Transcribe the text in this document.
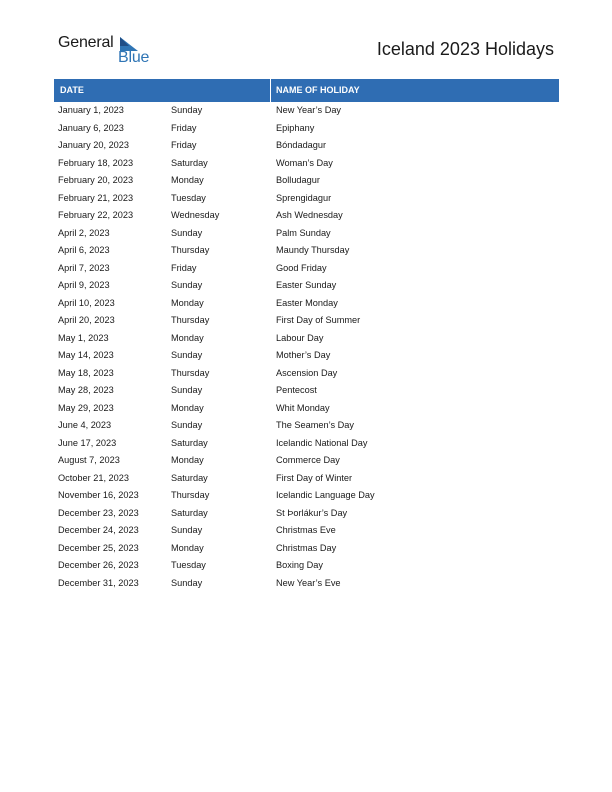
General
Blue	Iceland 2023 Holidays
DATE	NAME OF HOLIDAY
January 1, 2023	Sunday	New Year’s Day
January 6, 2023	Friday	Epiphany
January 20, 2023	Friday	Bóndadagur
February 18, 2023	Saturday	Woman’s Day
February 20, 2023	Monday	Bolludagur
February 21, 2023	Tuesday	Sprengidagur
February 22, 2023	Wednesday	Ash Wednesday
April 2, 2023	Sunday	Palm Sunday
April 6, 2023	Thursday	Maundy Thursday
April 7, 2023	Friday	Good Friday
April 9, 2023	Sunday	Easter Sunday
April 10, 2023	Monday	Easter Monday
April 20, 2023	Thursday	First Day of Summer
May 1, 2023	Monday	Labour Day
May 14, 2023	Sunday	Mother’s Day
May 18, 2023	Thursday	Ascension Day
May 28, 2023	Sunday	Pentecost
May 29, 2023	Monday	Whit Monday
June 4, 2023	Sunday	The Seamen’s Day
June 17, 2023	Saturday	Icelandic National Day
August 7, 2023	Monday	Commerce Day
October 21, 2023	Saturday	First Day of Winter
November 16, 2023	Thursday	Icelandic Language Day
December 23, 2023	Saturday	St Þorlákur’s Day
December 24, 2023	Sunday	Christmas Eve
December 25, 2023	Monday	Christmas Day
December 26, 2023	Tuesday	Boxing Day
December 31, 2023	Sunday	New Year’s Eve
